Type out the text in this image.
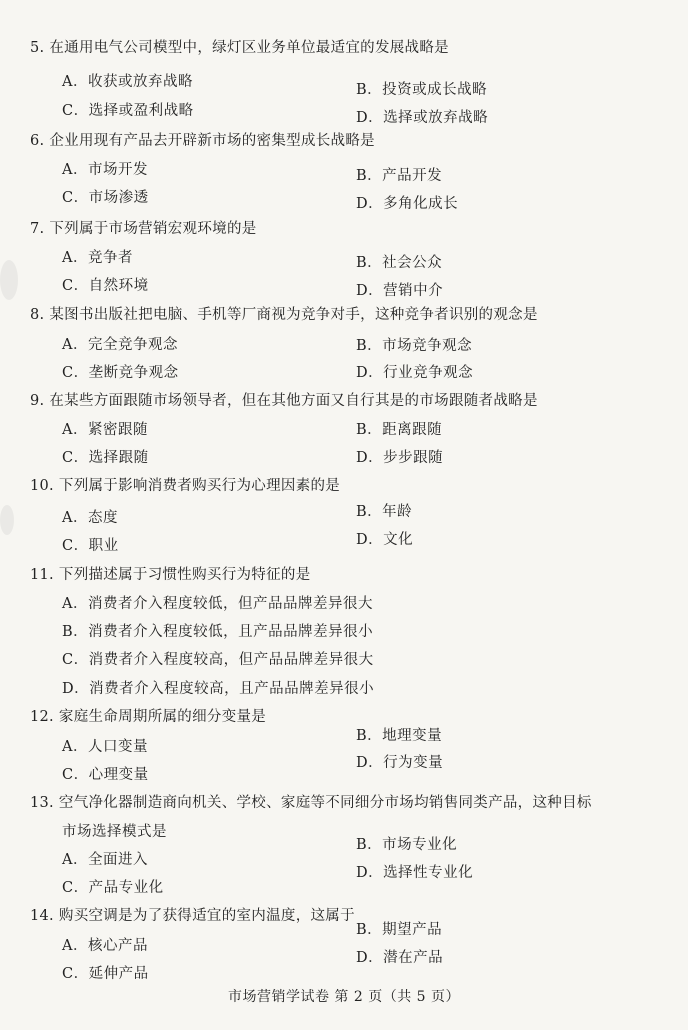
5. 在通用电气公司模型中，绿灯区业务单位最适宜的发展战略是
A．收获或放弃战略	B．投资或成长战略
C．选择或盈利战略	D．选择或放弃战略
6. 企业用现有产品去开辟新市场的密集型成长战略是
A．市场开发	B．产品开发
C．市场渗透	D．多角化成长
7. 下列属于市场营销宏观环境的是
A．竞争者	B．社会公众
C．自然环境	D．营销中介
8. 某图书出版社把电脑、手机等厂商视为竞争对手，这种竞争者识别的观念是
A．完全竞争观念	B．市场竞争观念
C．垄断竞争观念	D．行业竞争观念
9. 在某些方面跟随市场领导者，但在其他方面又自行其是的市场跟随者战略是
A．紧密跟随	B．距离跟随
C．选择跟随	D．步步跟随
10. 下列属于影响消费者购买行为心理因素的是
A．态度	B．年龄
C．职业	D．文化
11. 下列描述属于习惯性购买行为特征的是
A．消费者介入程度较低，但产品品牌差异很大
B．消费者介入程度较低，且产品品牌差异很小
C．消费者介入程度较高，但产品品牌差异很大
D．消费者介入程度较高，且产品品牌差异很小
12. 家庭生命周期所属的细分变量是
A．人口变量
B．地理变量
C．心理变量
D．行为变量
13. 空气净化器制造商向机关、学校、家庭等不同细分市场均销售同类产品，这种目标
市场选择模式是
A．全面进入
B．市场专业化
C．产品专业化
D．选择性专业化
14. 购买空调是为了获得适宜的室内温度，这属于
A．核心产品
B．期望产品
C．延伸产品
D．潜在产品
市场营销学试卷 第 2 页（共 5 页）
